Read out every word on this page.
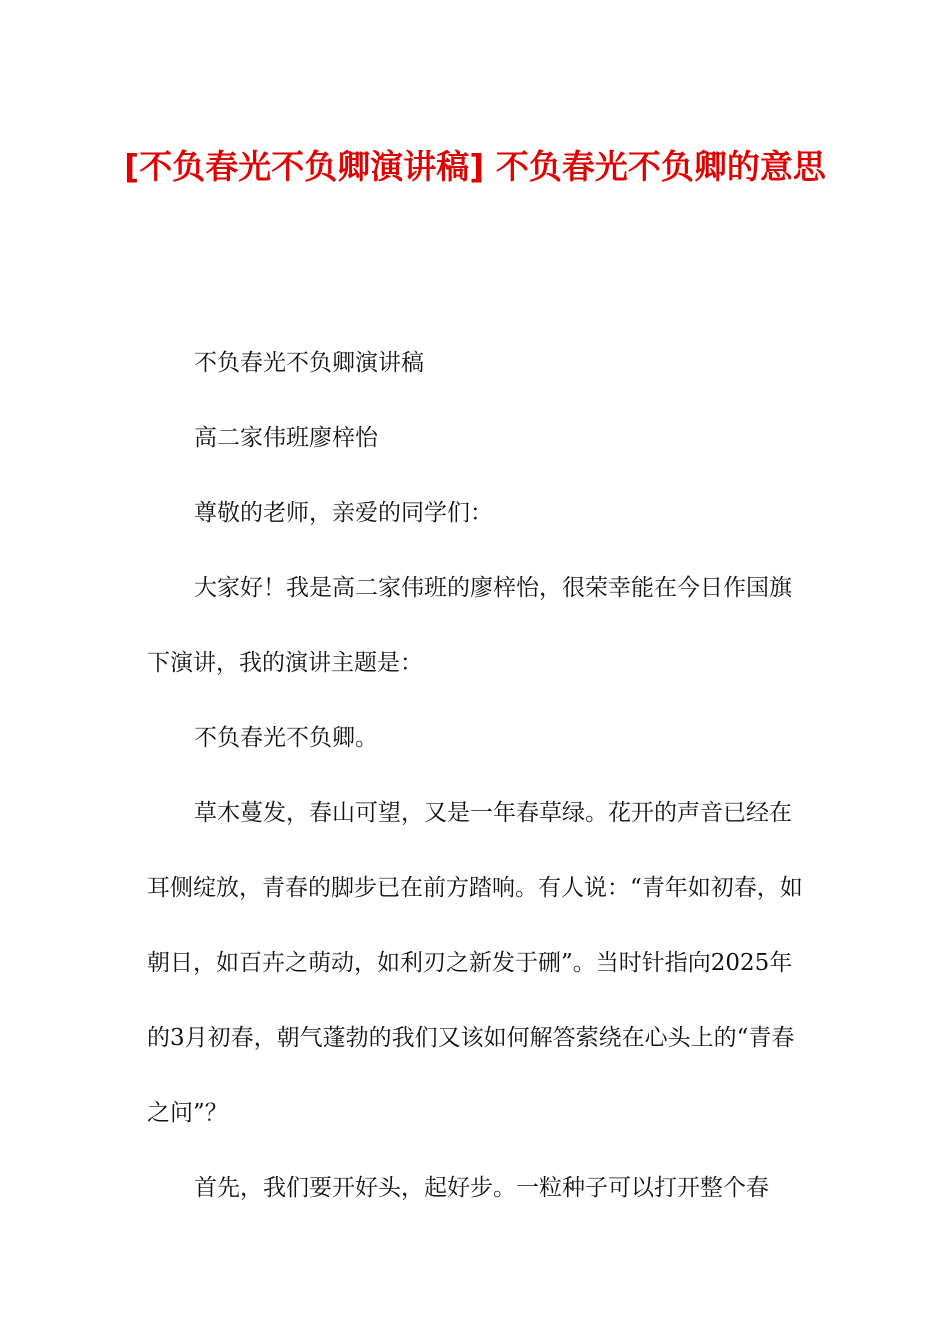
[不负春光不负卿演讲稿] 不负春光不负卿的意思

不负春光不负卿演讲稿

高二家伟班廖梓怡

尊敬的老师，亲爱的同学们：

大家好！我是高二家伟班的廖梓怡，很荣幸能在今日作国旗下演讲，我的演讲主题是：

不负春光不负卿。

草木蔓发，春山可望，又是一年春草绿。花开的声音已经在耳侧绽放，青春的脚步已在前方踏响。有人说：“青年如初春，如朝日，如百卉之萌动，如利刃之新发于硎”。当时针指向2025年的3月初春，朝气蓬勃的我们又该如何解答萦绕在心头上的“青春之问”？

首先，我们要开好头，起好步。一粒种子可以打开整个春
